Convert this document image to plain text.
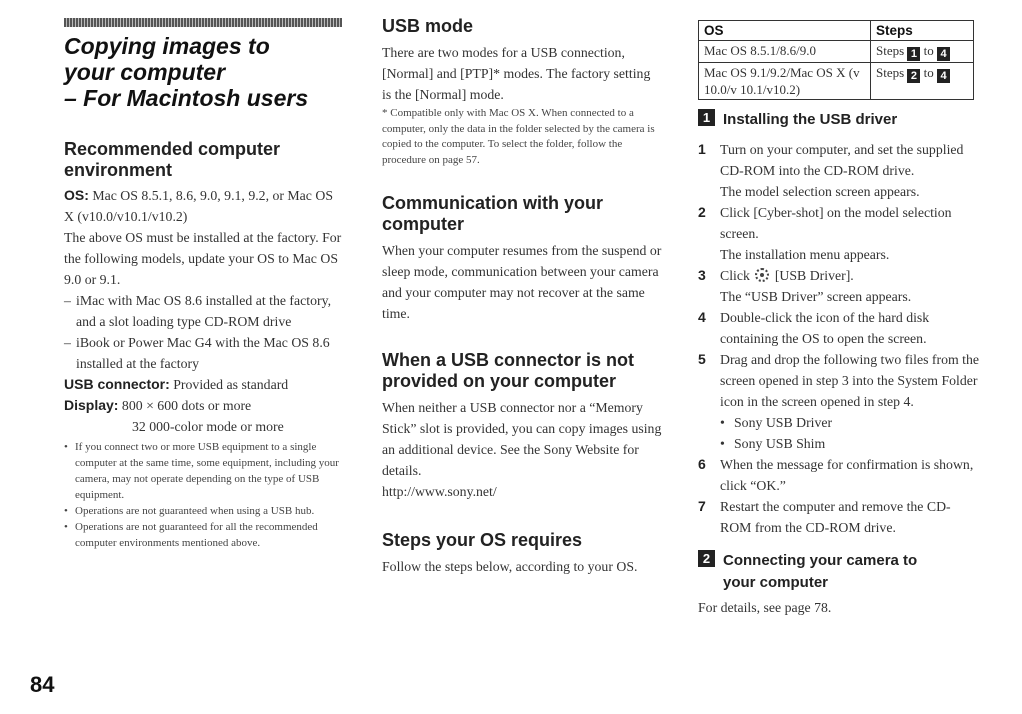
Copying images to
your computer
– For Macintosh users
Recommended computer
environment

OS: Mac OS 8.5.1, 8.6, 9.0, 9.1, 9.2, or Mac OS X (v10.0/v10.1/v10.2)

The above OS must be installed at the factory. For the following models, update your OS to Mac OS 9.0 or 9.1.

– iMac with Mac OS 8.6 installed at the factory, and a slot loading type CD-ROM drive
– iBook or Power Mac G4 with the Mac OS 8.6 installed at the factory

USB connector: Provided as standard

Display: 800 × 600 dots or more

32 000-color mode or more
• If you connect two or more USB equipment to a single computer at the same time, some equipment, including your camera, may not operate depending on the type of USB equipment.
• Operations are not guaranteed when using a USB hub.
• Operations are not guaranteed for all the recommended computer environments mentioned above.
USB mode

There are two modes for a USB connection, [Normal] and [PTP]* modes. The factory setting is the [Normal] mode.

* Compatible only with Mac OS X. When connected to a computer, only the data in the folder selected by the camera is copied to the computer. To select the folder, follow the procedure on page 57.

Communication with your
computer

When your computer resumes from the suspend or sleep mode, communication between your camera and your computer may not recover at the same time.

When a USB connector is not
provided on your computer

When neither a USB connector nor a “Memory Stick” slot is provided, you can copy images using an additional device. See the Sony Website for details.

http://www.sony.net/

Steps your OS requires

Follow the steps below, according to your OS.

OS	Steps
Mac OS 8.5.1/8.6/9.0	Steps 1 to 4
Mac OS 9.1/9.2/Mac OS X (v 10.0/v 10.1/v10.2)	Steps 2 to 4
1 Installing the USB driver
1	Turn on your computer, and set the supplied CD-ROM into the CD-ROM drive.
The model selection screen appears.
2	Click [Cyber-shot] on the model selection screen.
The installation menu appears.
3	Click [USB Driver].
The “USB Driver” screen appears.
4	Double-click the icon of the hard disk containing the OS to open the screen.
5	Drag and drop the following two files from the screen opened in step 3 into the System Folder icon in the screen opened in step 4.
• Sony USB Driver
• Sony USB Shim
6	When the message for confirmation is shown, click “OK.”
7	Restart the computer and remove the CD-ROM from the CD-ROM drive.
2 Connecting your camera to
your computer

For details, see page 78.

84
